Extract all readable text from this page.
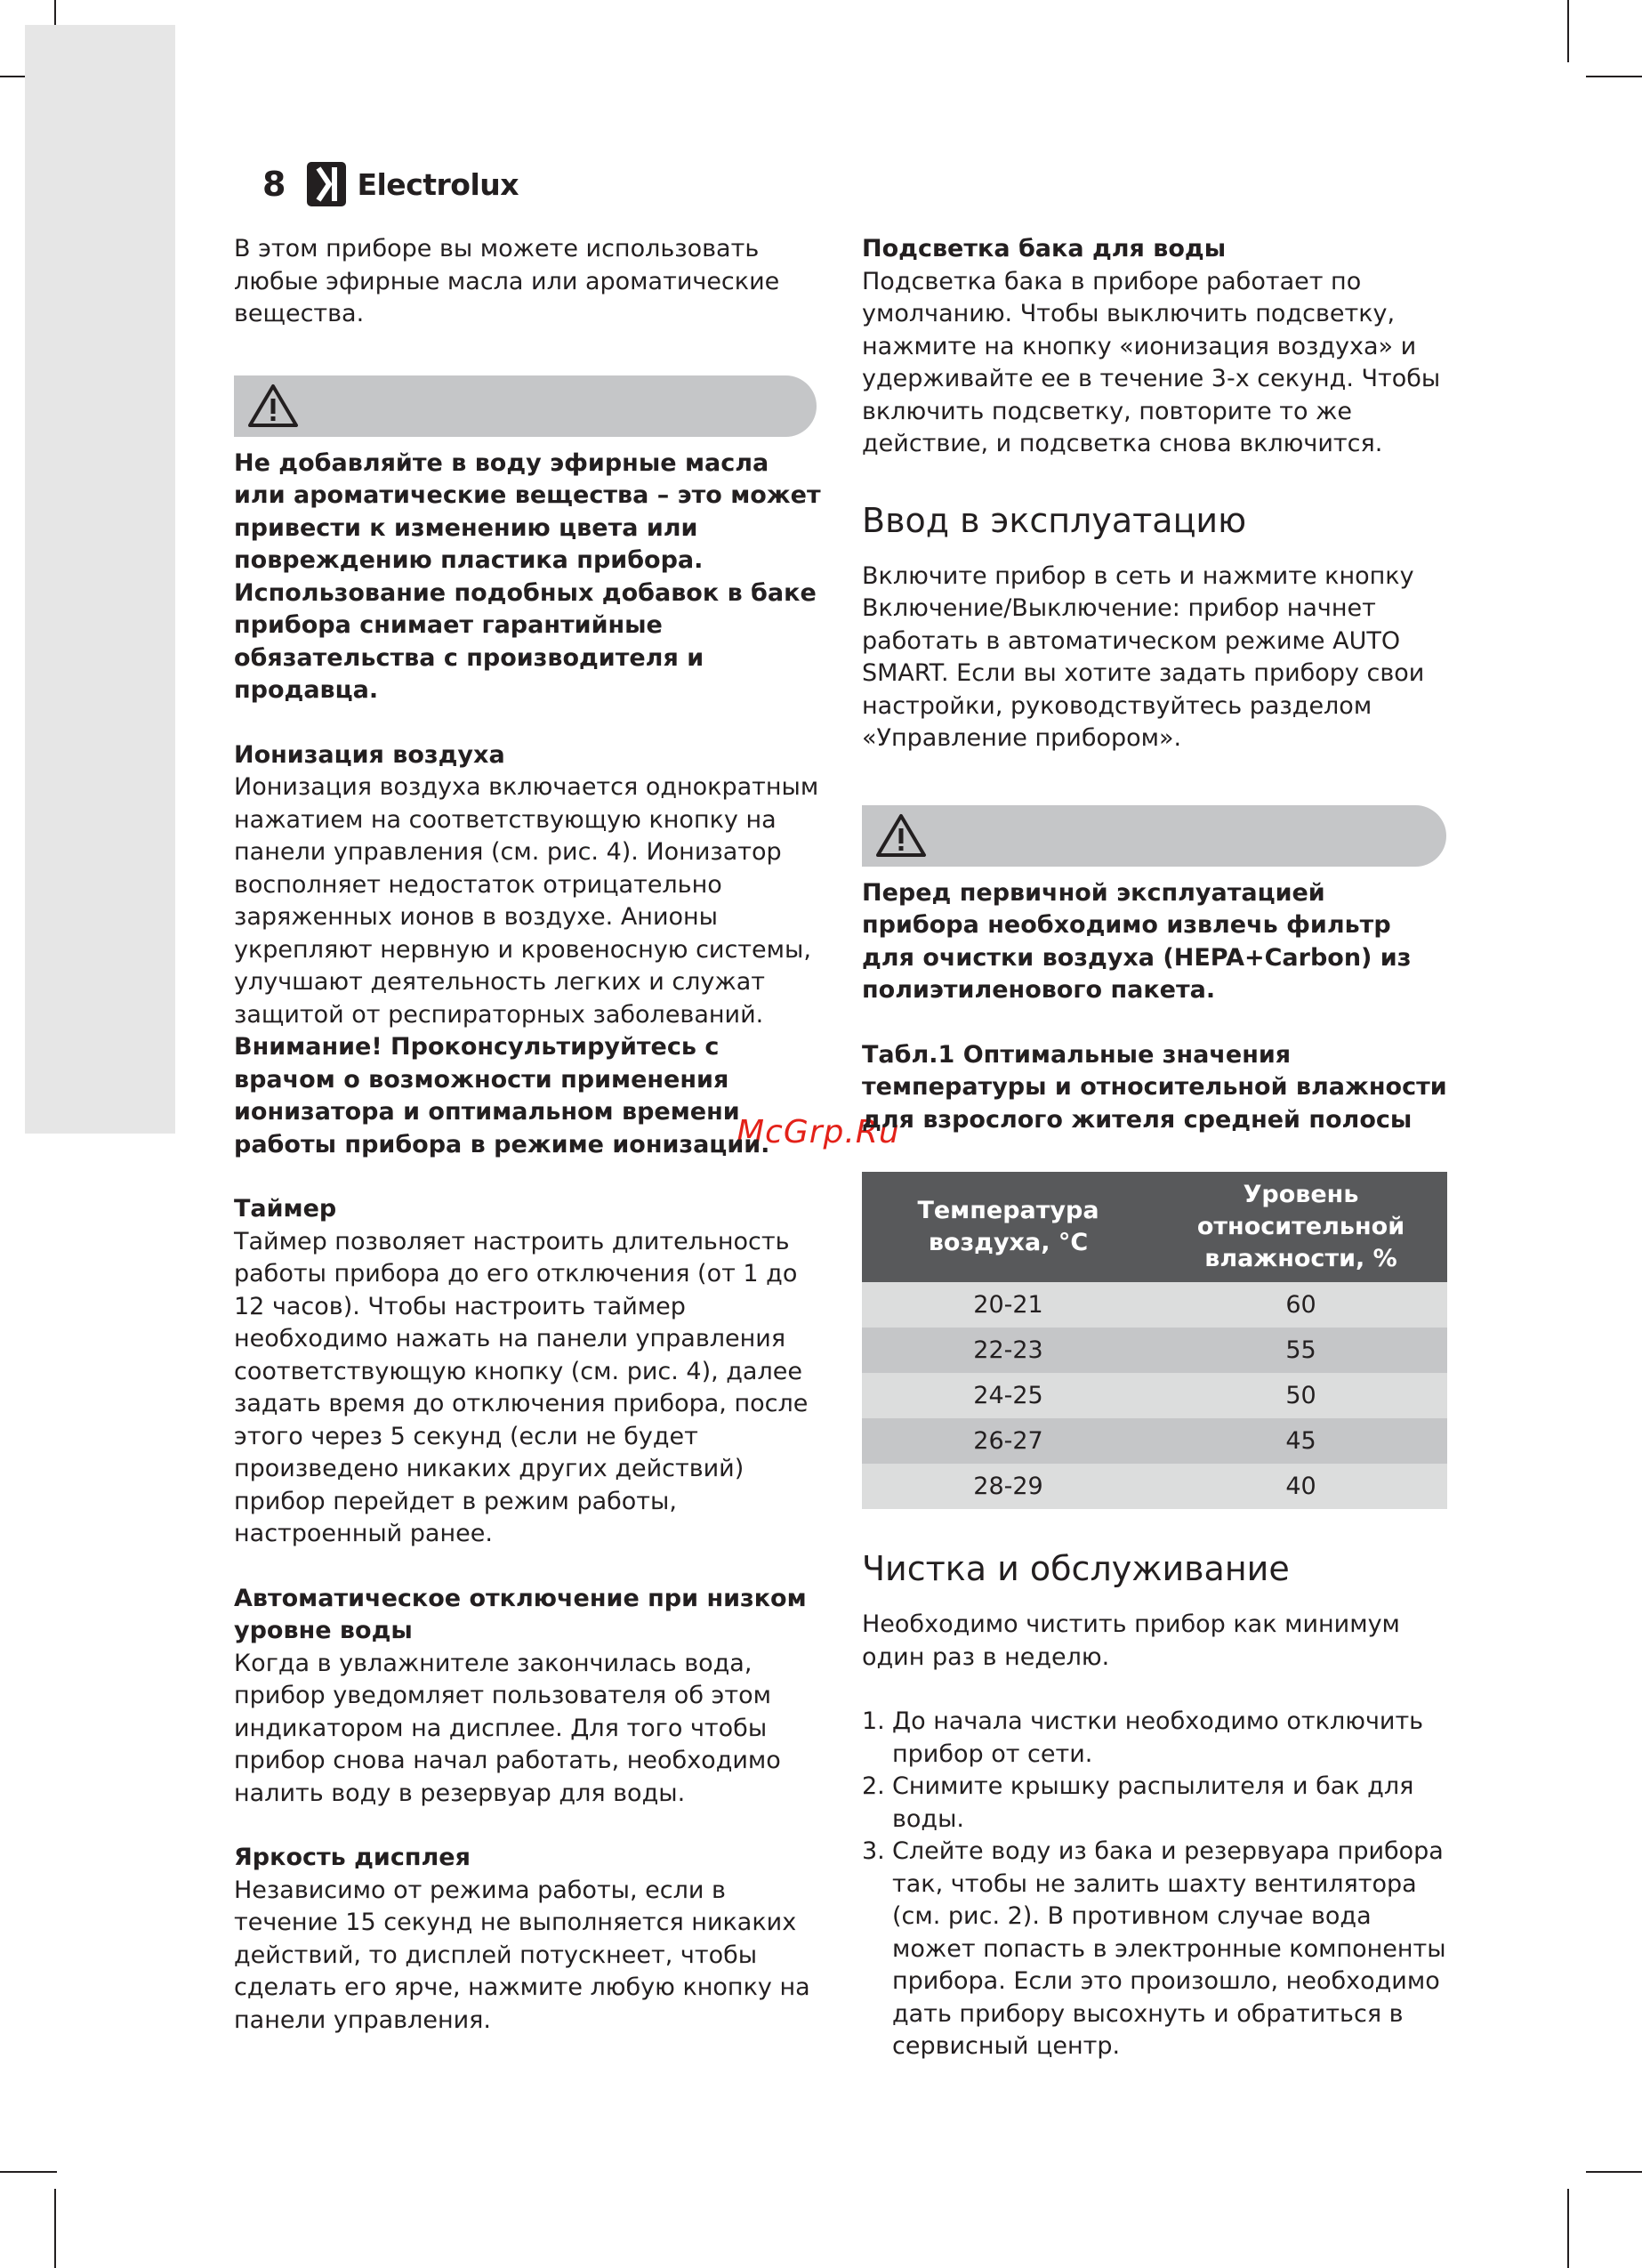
8 Electrolux
McGrp.Ru

В этом приборе вы можете использовать любые эфирные масла или ароматические вещества.

Не добавляйте в воду эфирные масла или ароматические вещества – это может привести к изменению цвета или повреждению пластика прибора. Использование подобных добавок в баке прибора снимает гарантийные обязательства с производителя и продавца.

Ионизация воздуха

Ионизация воздуха включается однократным нажатием на соответствующую кнопку на панели управления (см. рис. 4). Ионизатор восполняет недостаток отрицательно заряженных ионов в воздухе. Анионы укрепляют нервную и кровеносную системы, улучшают деятельность легких и служат защитой от респираторных заболеваний.

Внимание! Проконсультируйтесь с врачом о возможности применения ионизатора и оптимальном времени работы прибора в режиме ионизации.

Таймер

Таймер позволяет настроить длительность работы прибора до его отключения (от 1 до 12 часов). Чтобы настроить таймер необходимо нажать на панели управления соответствующую кнопку (см. рис. 4), далее задать время до отключения прибора, после этого через 5 секунд (если не будет произведено никаких других действий) прибор перейдет в режим работы, настроенный ранее.

Автоматическое отключение при низком уровне воды

Когда в увлажнителе закончилась вода, прибор уведомляет пользователя об этом индикатором на дисплее. Для того чтобы прибор снова начал работать, необходимо налить воду в резервуар для воды.

Яркость дисплея

Независимо от режима работы, если в течение 15 секунд не выполняется никаких действий, то дисплей потускнеет, чтобы сделать его ярче, нажмите любую кнопку на панели управления.

Подсветка бака для воды

Подсветка бака в приборе работает по умолчанию. Чтобы выключить подсветку, нажмите на кнопку «ионизация воздуха» и удерживайте ее в течение 3-х секунд. Чтобы включить подсветку, повторите то же действие, и подсветка снова включится.

Ввод в эксплуатацию

Включите прибор в сеть и нажмите кнопку Включение/Выключение: прибор начнет работать в автоматическом режиме AUTO SMART. Если вы хотите задать прибору свои настройки, руководствуйтесь разделом «Управление прибором».

Перед первичной эксплуатацией прибора необходимо извлечь фильтр для очистки воздуха (HEPA+Carbon) из полиэтиленового пакета.

Табл.1 Оптимальные значения температуры и относительной влажности для взрослого жителя средней полосы

Температура воздуха, °C	Уровень относительной влажности, %
20-21	60
22-23	55
24-25	50
26-27	45
28-29	40
Чистка и обслуживание

Необходимо чистить прибор как минимум один раз в неделю.

1. До начала чистки необходимо отключить прибор от сети.
2. Снимите крышку распылителя и бак для воды.
3. Слейте воду из бака и резервуара прибора так, чтобы не залить шахту вентилятора (см. рис. 2). В противном случае вода может попасть в электронные компоненты прибора. Если это произошло, необходимо дать прибору высохнуть и обратиться в сервисный центр.
